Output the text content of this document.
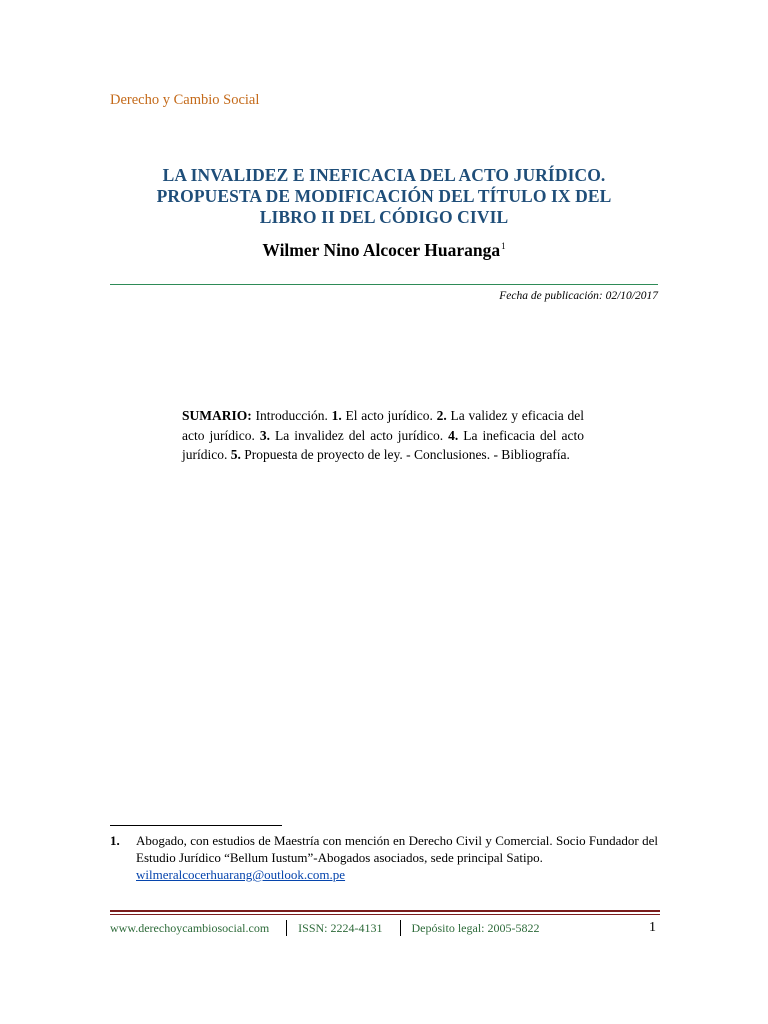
Derecho y Cambio Social
LA INVALIDEZ E INEFICACIA DEL ACTO JURÍDICO.
PROPUESTA DE MODIFICACIÓN DEL TÍTULO IX DEL
LIBRO II DEL CÓDIGO CIVIL
Wilmer Nino Alcocer Huaranga$^1$
Fecha de publicación: 02/10/2017
SUMARIO: Introducción. 1. El acto jurídico. 2. La validez y eficacia del acto jurídico. 3. La invalidez del acto jurídico. 4. La ineficacia del acto jurídico. 5. Propuesta de proyecto de ley. - Conclusiones. - Bibliografía.
1. Abogado, con estudios de Maestría con mención en Derecho Civil y Comercial. Socio Fundador del Estudio Jurídico “Bellum Iustum”-Abogados asociados, sede principal Satipo.
wilmeralcocerhuarang@outlook.com.pe
www.derechoycambiosocial.com ISSN: 2224-4131 Depósito legal: 2005-5822	1
